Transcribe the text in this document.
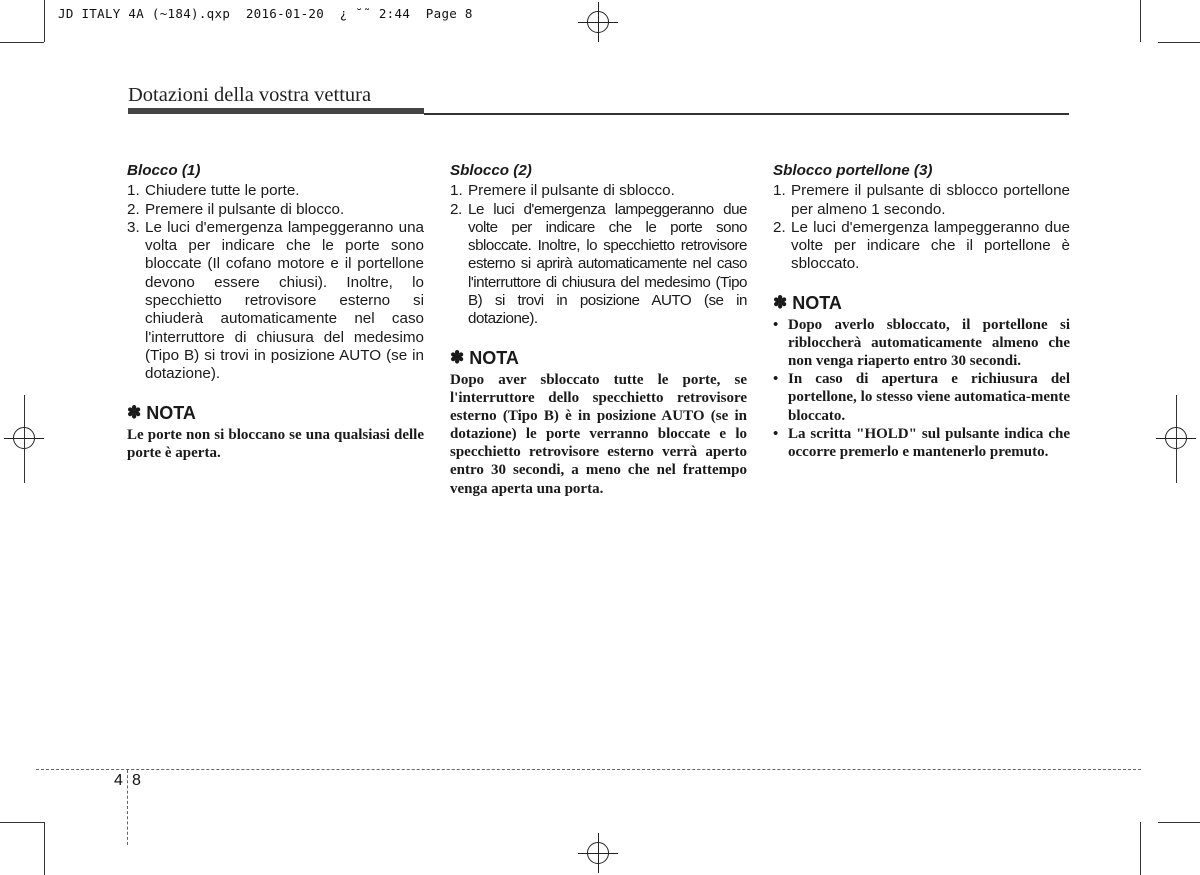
JD ITALY 4A (~184).qxp  2016-01-20  ¿ ˘˜ 2:44  Page 8
Dotazioni della vostra vettura
Blocco (1)
1. Chiudere tutte le porte.
2. Premere il pulsante di blocco.
3. Le luci d'emergenza lampeggeranno una volta per indicare che le porte sono bloccate (Il cofano motore e il portellone devono essere chiusi). Inoltre, lo specchietto retrovisore esterno si chiuderà automaticamente nel caso l'interruttore di chiusura del medesimo (Tipo B) si trovi in posizione AUTO (se in dotazione).
✽ NOTA

Le porte non si bloccano se una qualsiasi delle porte è aperta.

Sblocco (2)
1. Premere il pulsante di sblocco.
2. Le luci d'emergenza lampeggeranno due volte per indicare che le porte sono sbloccate. Inoltre, lo specchietto retrovisore esterno si aprirà automaticamente nel caso l'interruttore di chiusura del medesimo (Tipo B) si trovi in posizione AUTO (se in dotazione).
✽ NOTA

Dopo aver sbloccato tutte le porte, se l'interruttore dello specchietto retrovisore esterno (Tipo B) è in posizione AUTO (se in dotazione) le porte verranno bloccate e lo specchietto retrovisore esterno verrà aperto entro 30 secondi, a meno che nel frattempo venga aperta una porta.

Sblocco portellone (3)
1. Premere il pulsante di sblocco portellone per almeno 1 secondo.
2. Le luci d'emergenza lampeggeranno due volte per indicare che il portellone è sbloccato.
✽ NOTA
• Dopo averlo sbloccato, il portellone si ribloccherà automaticamente almeno che non venga riaperto entro 30 secondi.
• In caso di apertura e richiusura del portellone, lo stesso viene automatica-mente bloccato.
• La scritta "HOLD" sul pulsante indica che occorre premerlo e mantenerlo premuto.
4 8
